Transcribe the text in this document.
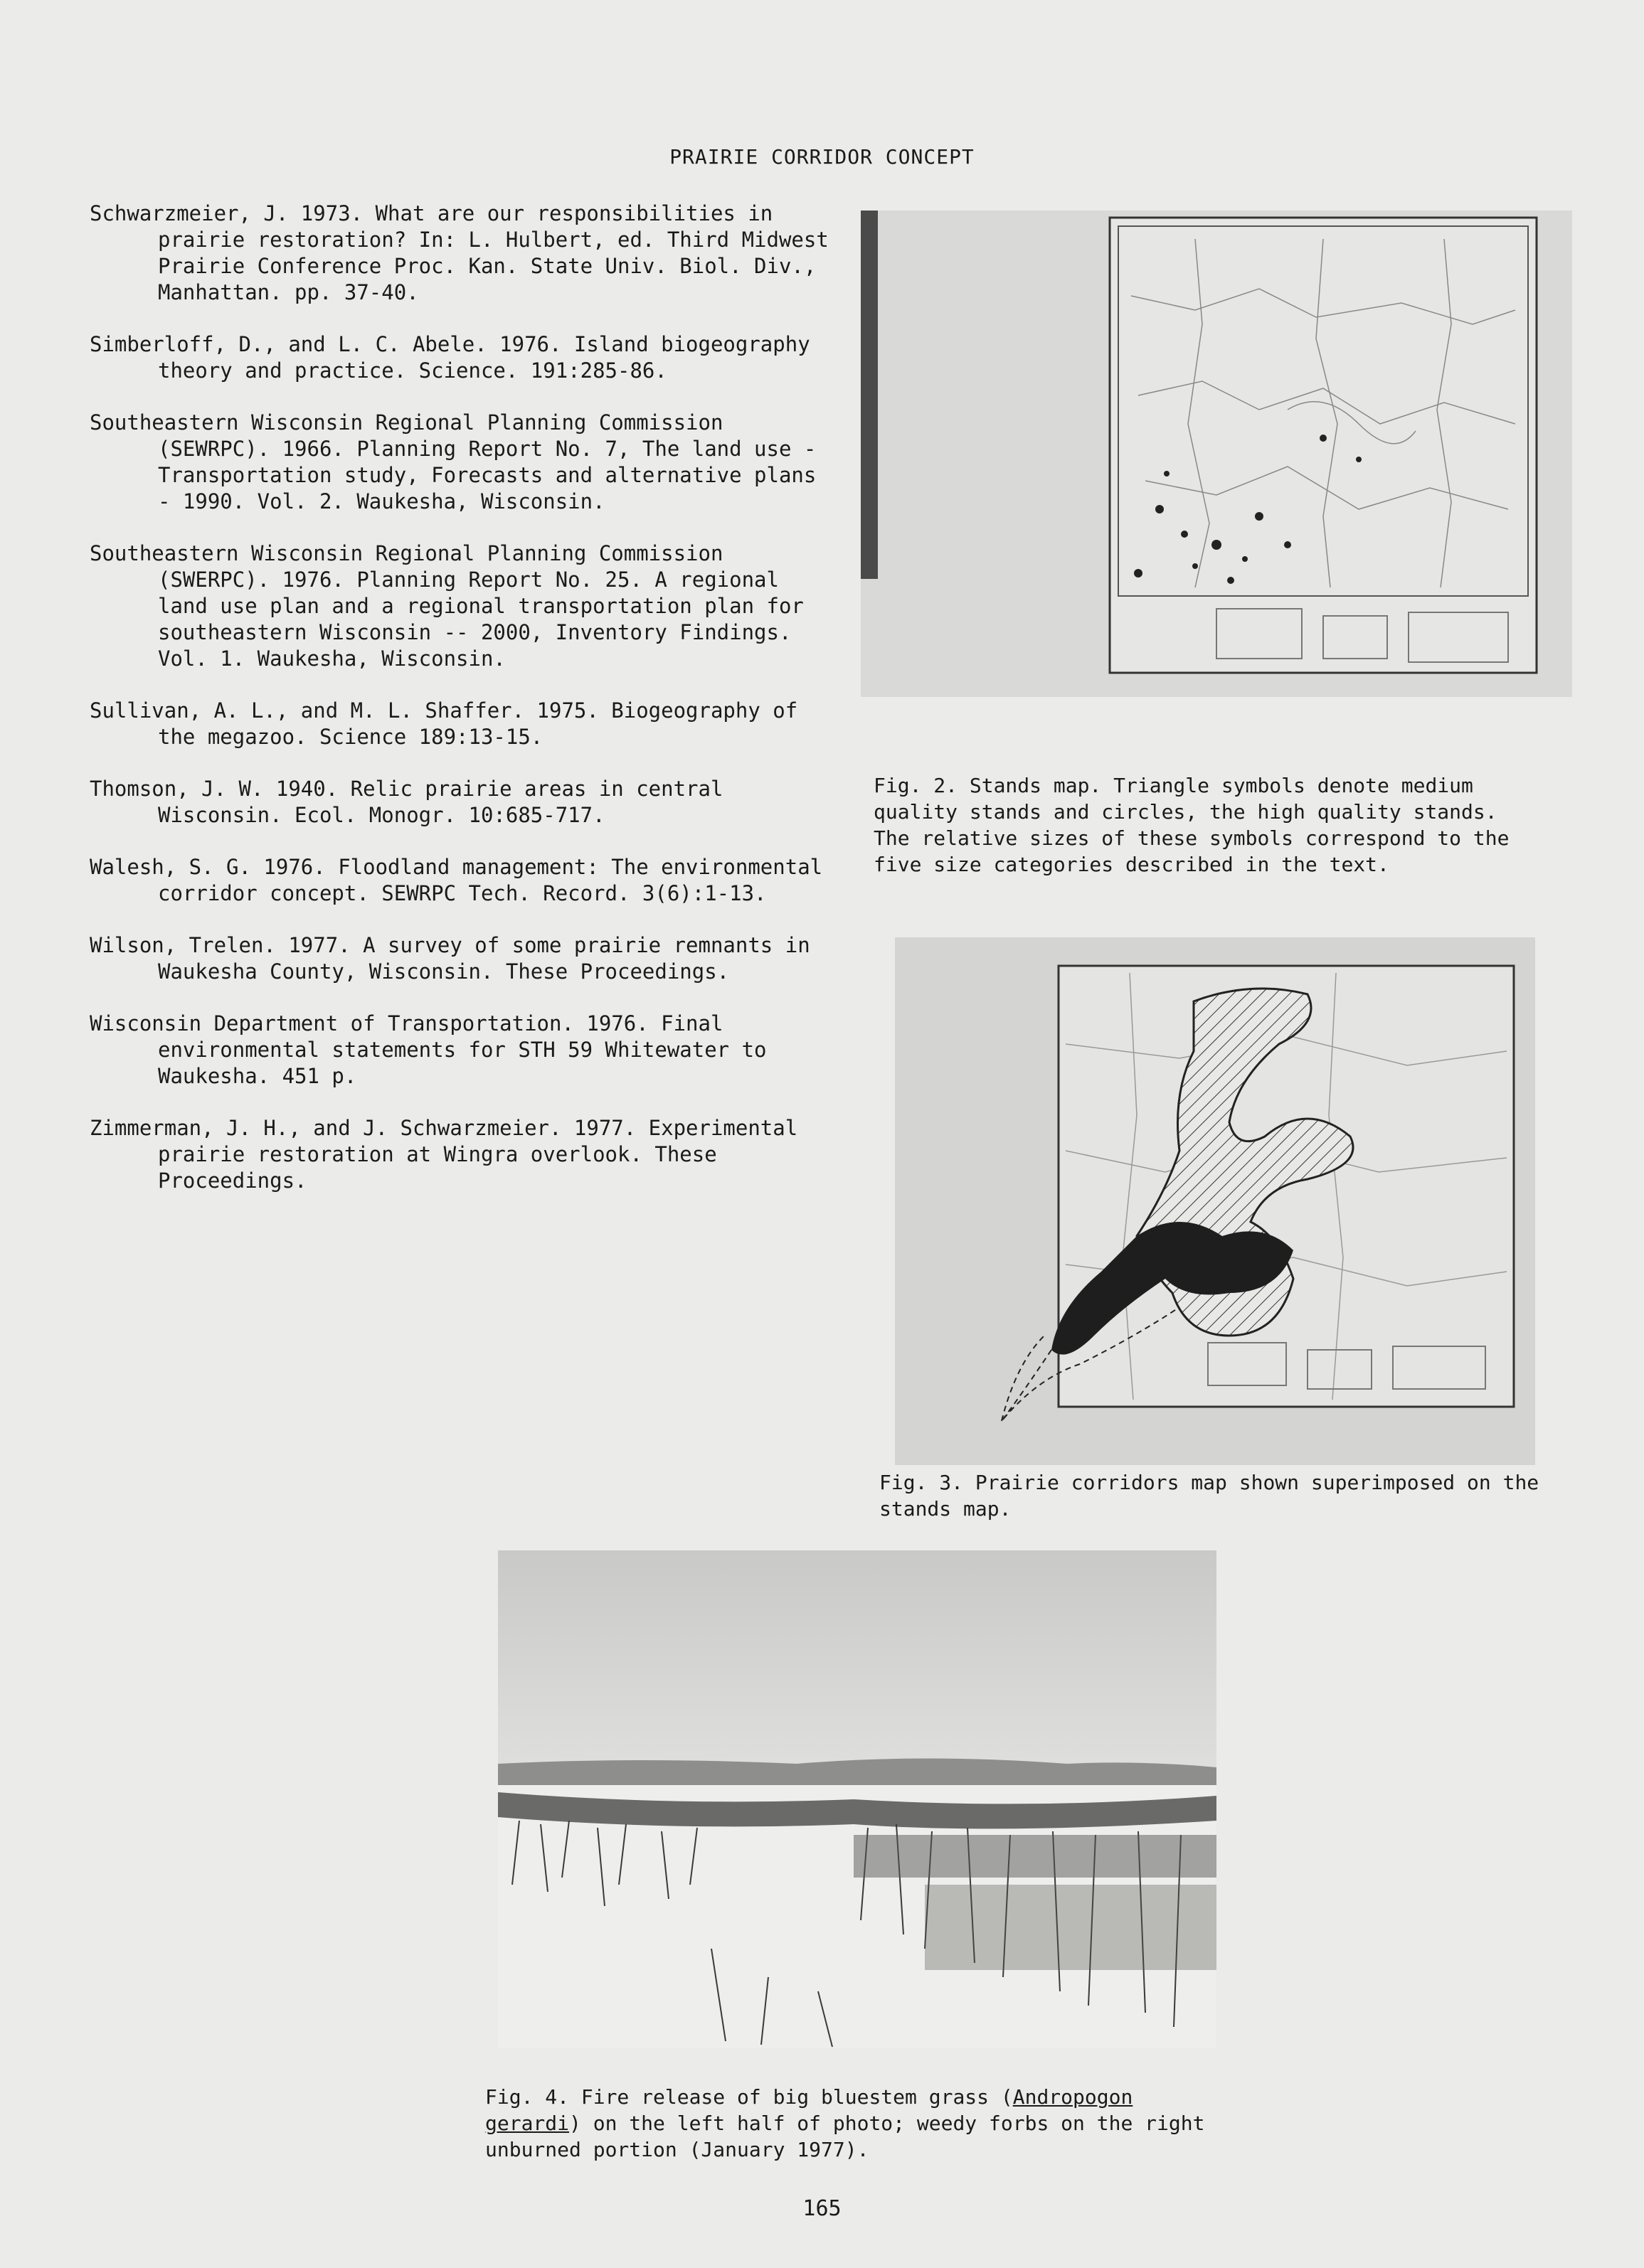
PRAIRIE CORRIDOR CONCEPT

Schwarzmeier, J. 1973. What are our responsibilities in prairie restoration? In: L. Hulbert, ed. Third Midwest Prairie Conference Proc. Kan. State Univ. Biol. Div., Manhattan. pp. 37-40.

Simberloff, D., and L. C. Abele. 1976. Island biogeography theory and practice. Science. 191:285-86.

Southeastern Wisconsin Regional Planning Commission (SEWRPC). 1966. Planning Report No. 7, The land use - Transportation study, Forecasts and alternative plans - 1990. Vol. 2. Waukesha, Wisconsin.

Southeastern Wisconsin Regional Planning Commission (SWERPC). 1976. Planning Report No. 25. A regional land use plan and a regional transportation plan for southeastern Wisconsin -- 2000, Inventory Findings. Vol. 1. Waukesha, Wisconsin.

Sullivan, A. L., and M. L. Shaffer. 1975. Biogeography of the megazoo. Science 189:13-15.

Thomson, J. W. 1940. Relic prairie areas in central Wisconsin. Ecol. Monogr. 10:685-717.

Walesh, S. G. 1976. Floodland management: The environmental corridor concept. SEWRPC Tech. Record. 3(6):1-13.

Wilson, Trelen. 1977. A survey of some prairie remnants in Waukesha County, Wisconsin. These Proceedings.

Wisconsin Department of Transportation. 1976. Final environmental statements for STH 59 Whitewater to Waukesha. 451 p.

Zimmerman, J. H., and J. Schwarzmeier. 1977. Experimental prairie restoration at Wingra overlook. These Proceedings.

Fig. 2. Stands map. Triangle symbols denote medium quality stands and circles, the high quality stands. The relative sizes of these symbols correspond to the five size categories described in the text.
Fig. 3. Prairie corridors map shown superimposed on the stands map.
Fig. 4. Fire release of big bluestem grass (Andropogon gerardi) on the left half of photo; weedy forbs on the right unburned portion (January 1977).
165
